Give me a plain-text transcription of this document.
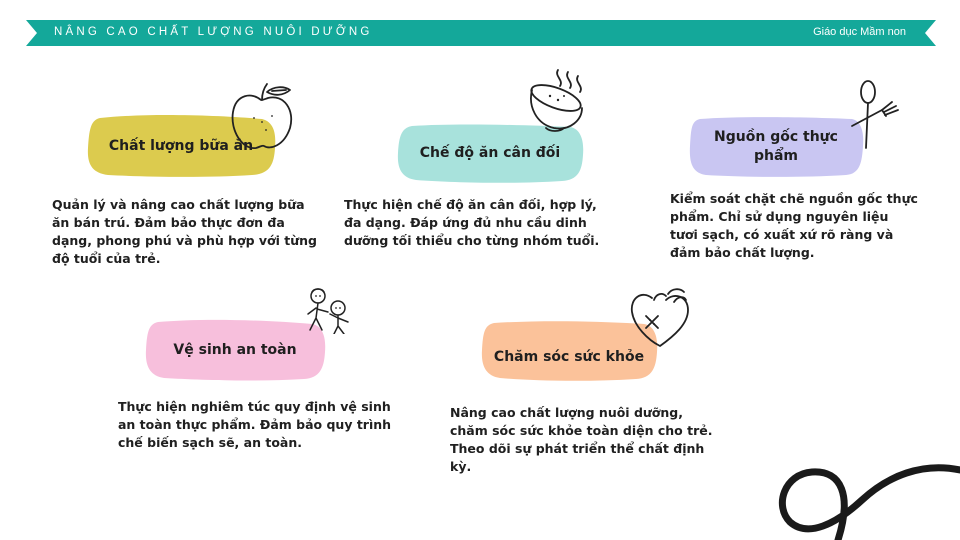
NÂNG CAO CHẤT LƯỢNG NUÔI DƯỠNG	Giáo dục Mầm non
Chất lượng bữa ăn
Quản lý và nâng cao chất lượng bữa ăn bán trú. Đảm bảo thực đơn đa dạng, phong phú và phù hợp với từng độ tuổi của trẻ.
Chế độ ăn cân đối
Thực hiện chế độ ăn cân đối, hợp lý, đa dạng. Đáp ứng đủ nhu cầu dinh dưỡng tối thiểu cho từng nhóm tuổi.
Nguồn gốc thực phẩm
Kiểm soát chặt chẽ nguồn gốc thực phẩm. Chỉ sử dụng nguyên liệu tươi sạch, có xuất xứ rõ ràng và đảm bảo chất lượng.
Vệ sinh an toàn
Thực hiện nghiêm túc quy định vệ sinh an toàn thực phẩm. Đảm bảo quy trình chế biến sạch sẽ, an toàn.
Chăm sóc sức khỏe
Nâng cao chất lượng nuôi dưỡng, chăm sóc sức khỏe toàn diện cho trẻ. Theo dõi sự phát triển thể chất định kỳ.
